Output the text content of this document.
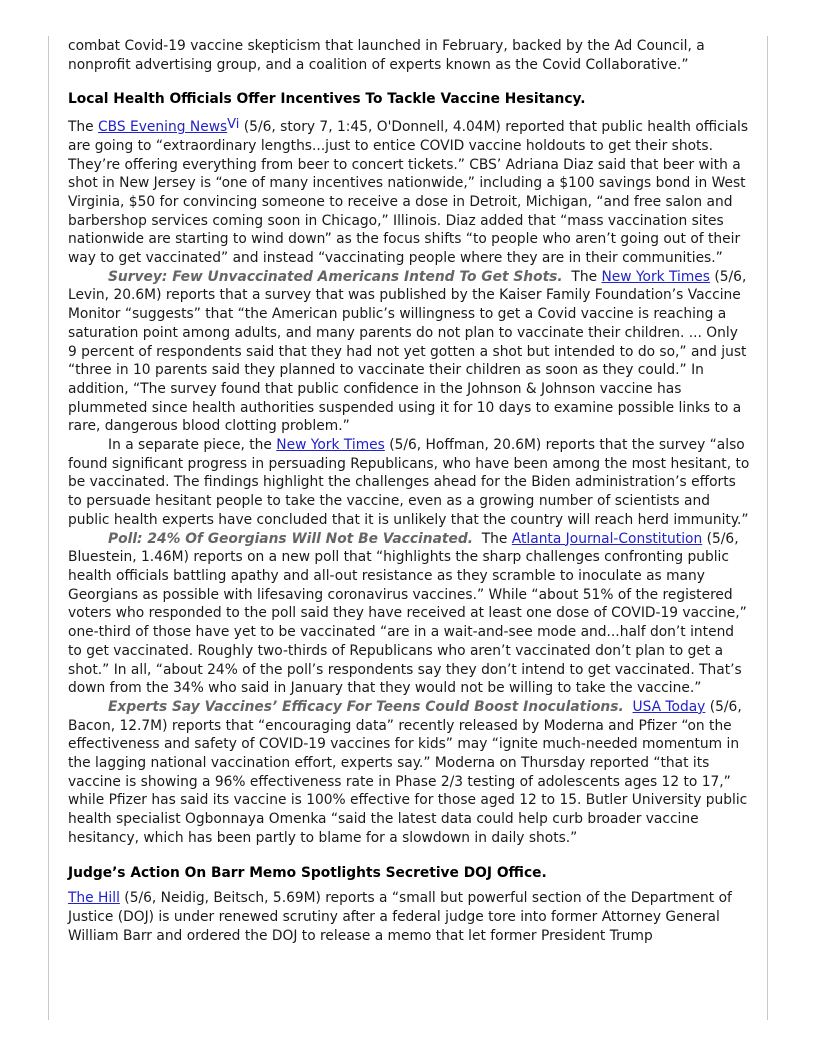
combat Covid-19 vaccine skepticism that launched in February, backed by the Ad Council, a nonprofit advertising group, and a coalition of experts known as the Covid Collaborative.”

Local Health Officials Offer Incentives To Tackle Vaccine Hesitancy.

The CBS Evening NewsVi (5/6, story 7, 1:45, O'Donnell, 4.04M) reported that public health officials are going to “extraordinary lengths...just to entice COVID vaccine holdouts to get their shots. They’re offering everything from beer to concert tickets.” CBS’ Adriana Diaz said that beer with a shot in New Jersey is “one of many incentives nationwide,” including a $100 savings bond in West Virginia, $50 for convincing someone to receive a dose in Detroit, Michigan, “and free salon and barbershop services coming soon in Chicago,” Illinois. Diaz added that “mass vaccination sites nationwide are starting to wind down” as the focus shifts “to people who aren’t going out of their way to get vaccinated” and instead “vaccinating people where they are in their communities.”

Survey: Few Unvaccinated Americans Intend To Get Shots.  The New York Times (5/6, Levin, 20.6M) reports that a survey that was published by the Kaiser Family Foundation’s Vaccine Monitor “suggests” that “the American public’s willingness to get a Covid vaccine is reaching a saturation point among adults, and many parents do not plan to vaccinate their children. ... Only 9 percent of respondents said that they had not yet gotten a shot but intended to do so,” and just “three in 10 parents said they planned to vaccinate their children as soon as they could.” In addition, “The survey found that public confidence in the Johnson & Johnson vaccine has plummeted since health authorities suspended using it for 10 days to examine possible links to a rare, dangerous blood clotting problem.”

In a separate piece, the New York Times (5/6, Hoffman, 20.6M) reports that the survey “also found significant progress in persuading Republicans, who have been among the most hesitant, to be vaccinated. The findings highlight the challenges ahead for the Biden administration’s efforts to persuade hesitant people to take the vaccine, even as a growing number of scientists and public health experts have concluded that it is unlikely that the country will reach herd immunity.”

Poll: 24% Of Georgians Will Not Be Vaccinated.  The Atlanta Journal-Constitution (5/6, Bluestein, 1.46M) reports on a new poll that “highlights the sharp challenges confronting public health officials battling apathy and all-out resistance as they scramble to inoculate as many Georgians as possible with lifesaving coronavirus vaccines.” While “about 51% of the registered voters who responded to the poll said they have received at least one dose of COVID-19 vaccine,” one-third of those have yet to be vaccinated “are in a wait-and-see mode and...half don’t intend to get vaccinated. Roughly two-thirds of Republicans who aren’t vaccinated don’t plan to get a shot.” In all, “about 24% of the poll’s respondents say they don’t intend to get vaccinated. That’s down from the 34% who said in January that they would not be willing to take the vaccine.”

Experts Say Vaccines’ Efficacy For Teens Could Boost Inoculations. USA Today (5/6, Bacon, 12.7M) reports that “encouraging data” recently released by Moderna and Pfizer “on the effectiveness and safety of COVID-19 vaccines for kids” may “ignite much-needed momentum in the lagging national vaccination effort, experts say.” Moderna on Thursday reported “that its vaccine is showing a 96% effectiveness rate in Phase 2/3 testing of adolescents ages 12 to 17,” while Pfizer has said its vaccine is 100% effective for those aged 12 to 15. Butler University public health specialist Ogbonnaya Omenka “said the latest data could help curb broader vaccine hesitancy, which has been partly to blame for a slowdown in daily shots.”

Judge’s Action On Barr Memo Spotlights Secretive DOJ Office.

The Hill (5/6, Neidig, Beitsch, 5.69M) reports a “small but powerful section of the Department of Justice (DOJ) is under renewed scrutiny after a federal judge tore into former Attorney General William Barr and ordered the DOJ to release a memo that let former President Trump
